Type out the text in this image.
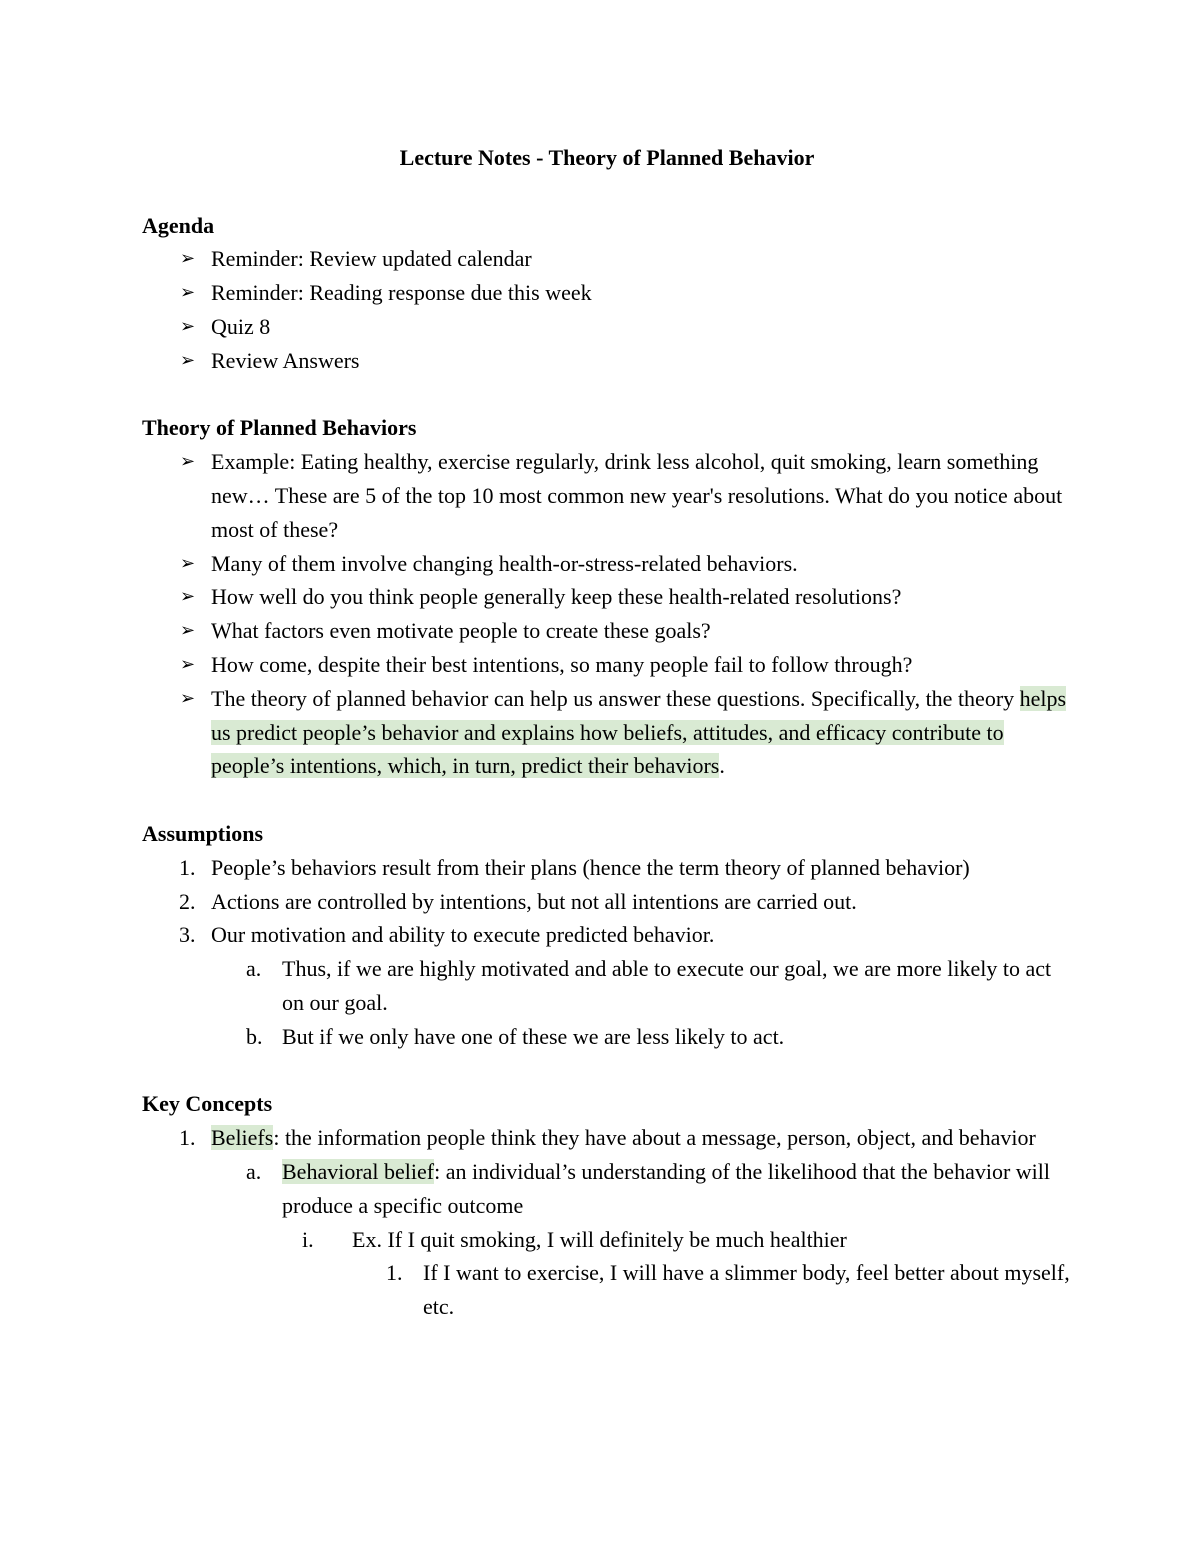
Lecture Notes - Theory of Planned Behavior

Agenda

➢ Reminder: Review updated calendar

➢ Reminder: Reading response due this week

➢ Quiz 8

➢ Review Answers

Theory of Planned Behaviors

➢ Example: Eating healthy, exercise regularly, drink less alcohol, quit smoking, learn something new… These are 5 of the top 10 most common new year's resolutions. What do you notice about most of these?

➢ Many of them involve changing health-or-stress-related behaviors.

➢ How well do you think people generally keep these health-related resolutions?

➢ What factors even motivate people to create these goals?

➢ How come, despite their best intentions, so many people fail to follow through?

➢ The theory of planned behavior can help us answer these questions. Specifically, the theory helps us predict people’s behavior and explains how beliefs, attitudes, and efficacy contribute to people’s intentions, which, in turn, predict their behaviors.

Assumptions

1. People’s behaviors result from their plans (hence the term theory of planned behavior)

2. Actions are controlled by intentions, but not all intentions are carried out.

3. Our motivation and ability to execute predicted behavior.

a. Thus, if we are highly motivated and able to execute our goal, we are more likely to act on our goal.

b. But if we only have one of these we are less likely to act.

Key Concepts

1. Beliefs: the information people think they have about a message, person, object, and behavior

a. Behavioral belief: an individual’s understanding of the likelihood that the behavior will produce a specific outcome

i. Ex. If I quit smoking, I will definitely be much healthier

1. If I want to exercise, I will have a slimmer body, feel better about myself, etc.
